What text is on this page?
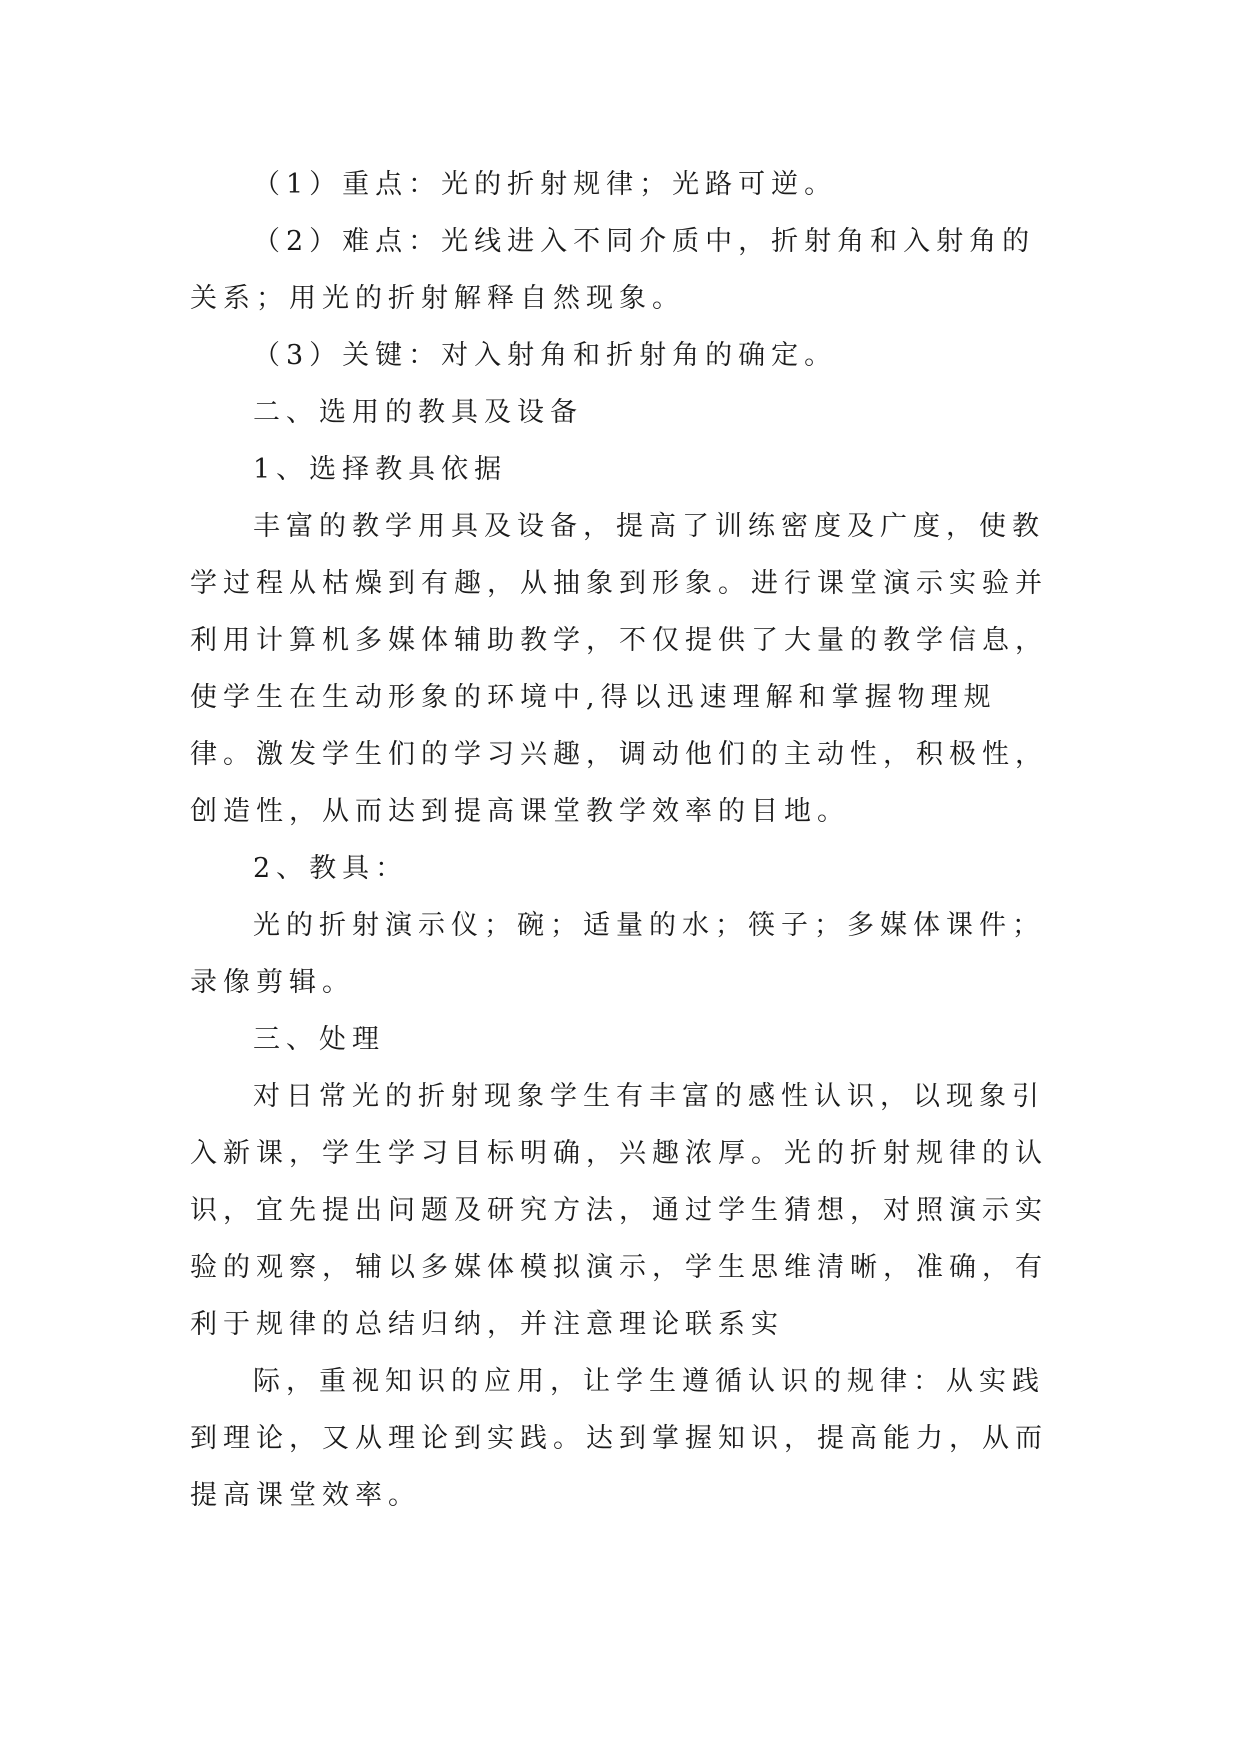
（1）重点：光的折射规律；光路可逆。

（2）难点：光线进入不同介质中，折射角和入射角的关系；用光的折射解释自然现象。

（3）关键：对入射角和折射角的确定。

二、选用的教具及设备

1、选择教具依据

丰富的教学用具及设备，提高了训练密度及广度，使教学过程从枯燥到有趣，从抽象到形象。进行课堂演示实验并利用计算机多媒体辅助教学，不仅提供了大量的教学信息，使学生在生动形象的环境中,得以迅速理解和掌握物理规律。激发学生们的学习兴趣，调动他们的主动性，积极性，创造性，从而达到提高课堂教学效率的目地。

2、教具：

光的折射演示仪；碗；适量的水；筷子；多媒体课件；录像剪辑。

三、处理

对日常光的折射现象学生有丰富的感性认识，以现象引入新课，学生学习目标明确，兴趣浓厚。光的折射规律的认识，宜先提出问题及研究方法，通过学生猜想，对照演示实验的观察，辅以多媒体模拟演示，学生思维清晰，准确，有利于规律的总结归纳，并注意理论联系实

际，重视知识的应用，让学生遵循认识的规律：从实践到理论，又从理论到实践。达到掌握知识，提高能力，从而提高课堂效率。
